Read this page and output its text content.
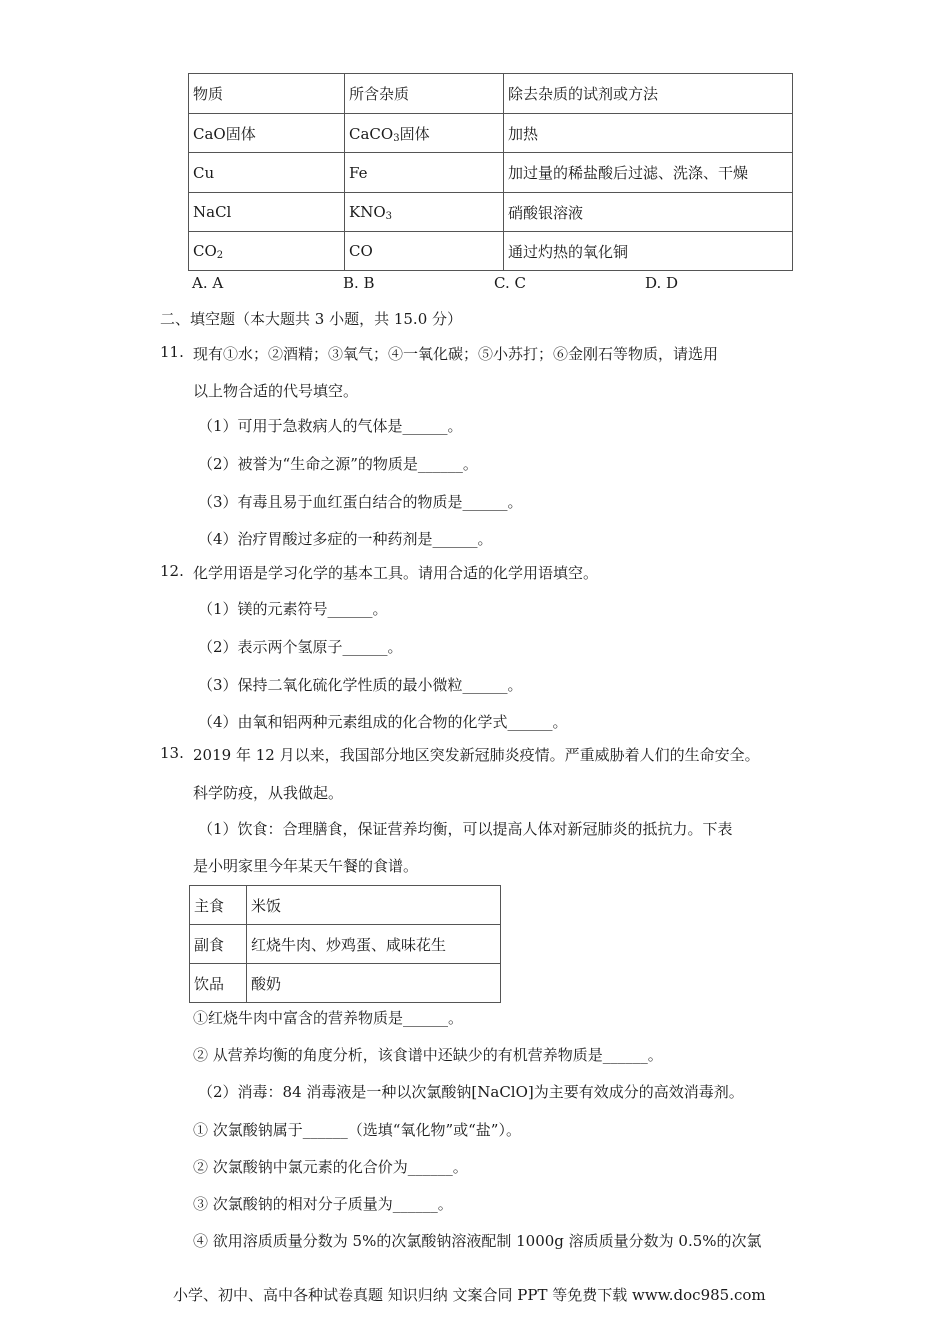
物质	所含杂质	除去杂质的试剂或方法
CaO固体	CaCO$_3$固体	加热
Cu	Fe	加过量的稀盐酸后过滤、洗涤、干燥
NaCl	$KNO_3$	硝酸银溶液
$CO_2$	CO	通过灼热的氧化铜
A. A	B. B	C. C	D. D
二、填空题（本大题共 3 小题，共 15.0 分）
11. 现有①水；②酒精；③氧气；④一氧化碳；⑤小苏打；⑥金刚石等物质，请选用
以上物合适的代号填空。
（1）可用于急救病人的气体是______。
（2）被誉为“生命之源”的物质是______。
（3）有毒且易于血红蛋白结合的物质是______。
（4）治疗胃酸过多症的一种药剂是______。
12. 化学用语是学习化学的基本工具。请用合适的化学用语填空。
（1）镁的元素符号______。
（2）表示两个氢原子______。
（3）保持二氧化硫化学性质的最小微粒______。
（4）由氧和铝两种元素组成的化合物的化学式______。
13. 2019 年 12 月以来，我国部分地区突发新冠肺炎疫情。严重威胁着人们的生命安全。
科学防疫，从我做起。
（1）饮食：合理膳食，保证营养均衡，可以提高人体对新冠肺炎的抵抗力。下表
是小明家里今年某天午餐的食谱。
主食	米饭
副食	红烧牛肉、炒鸡蛋、咸味花生
饮品	酸奶
①红烧牛肉中富含的营养物质是______。
② 从营养均衡的角度分析，该食谱中还缺少的有机营养物质是______。
（2）消毒：84 消毒液是一种以次氯酸钠[NaClO]为主要有效成分的高效消毒剂。
① 次氯酸钠属于______（选填“氧化物”或“盐”）。
② 次氯酸钠中氯元素的化合价为______。
③ 次氯酸钠的相对分子质量为______。
④ 欲用溶质质量分数为 5%的次氯酸钠溶液配制 1000g 溶质质量分数为 0.5%的次氯
小学、初中、高中各种试卷真题 知识归纳 文案合同 PPT 等免费下载 www.doc985.com
